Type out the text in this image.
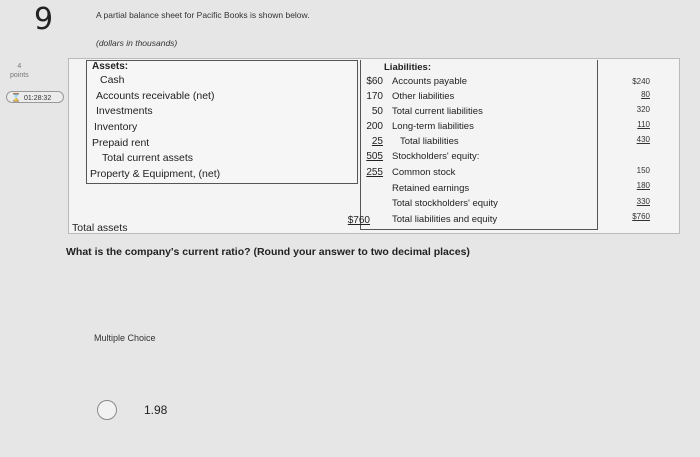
9
4
points
⌛ 01:28:32
A partial balance sheet for Pacific Books is shown below.
(dollars in thousands)
Assets:
Cash
Accounts receivable (net)
Investments
Inventory
Prepaid rent
Total current assets
Property & Equipment, (net)
$60
170
50
200
25
505
255
Liabilities:
Accounts payable
Other liabilities
Total current liabilities
Long-term liabilities
Total liabilities
Stockholders' equity:
Common stock
Retained earnings
Total stockholders' equity
Total liabilities and equity
$240
80
320
110
430
150
180
330
$760
Total assets
$760
What is the company's current ratio? (Round your answer to two decimal places)
Multiple Choice
1.98
